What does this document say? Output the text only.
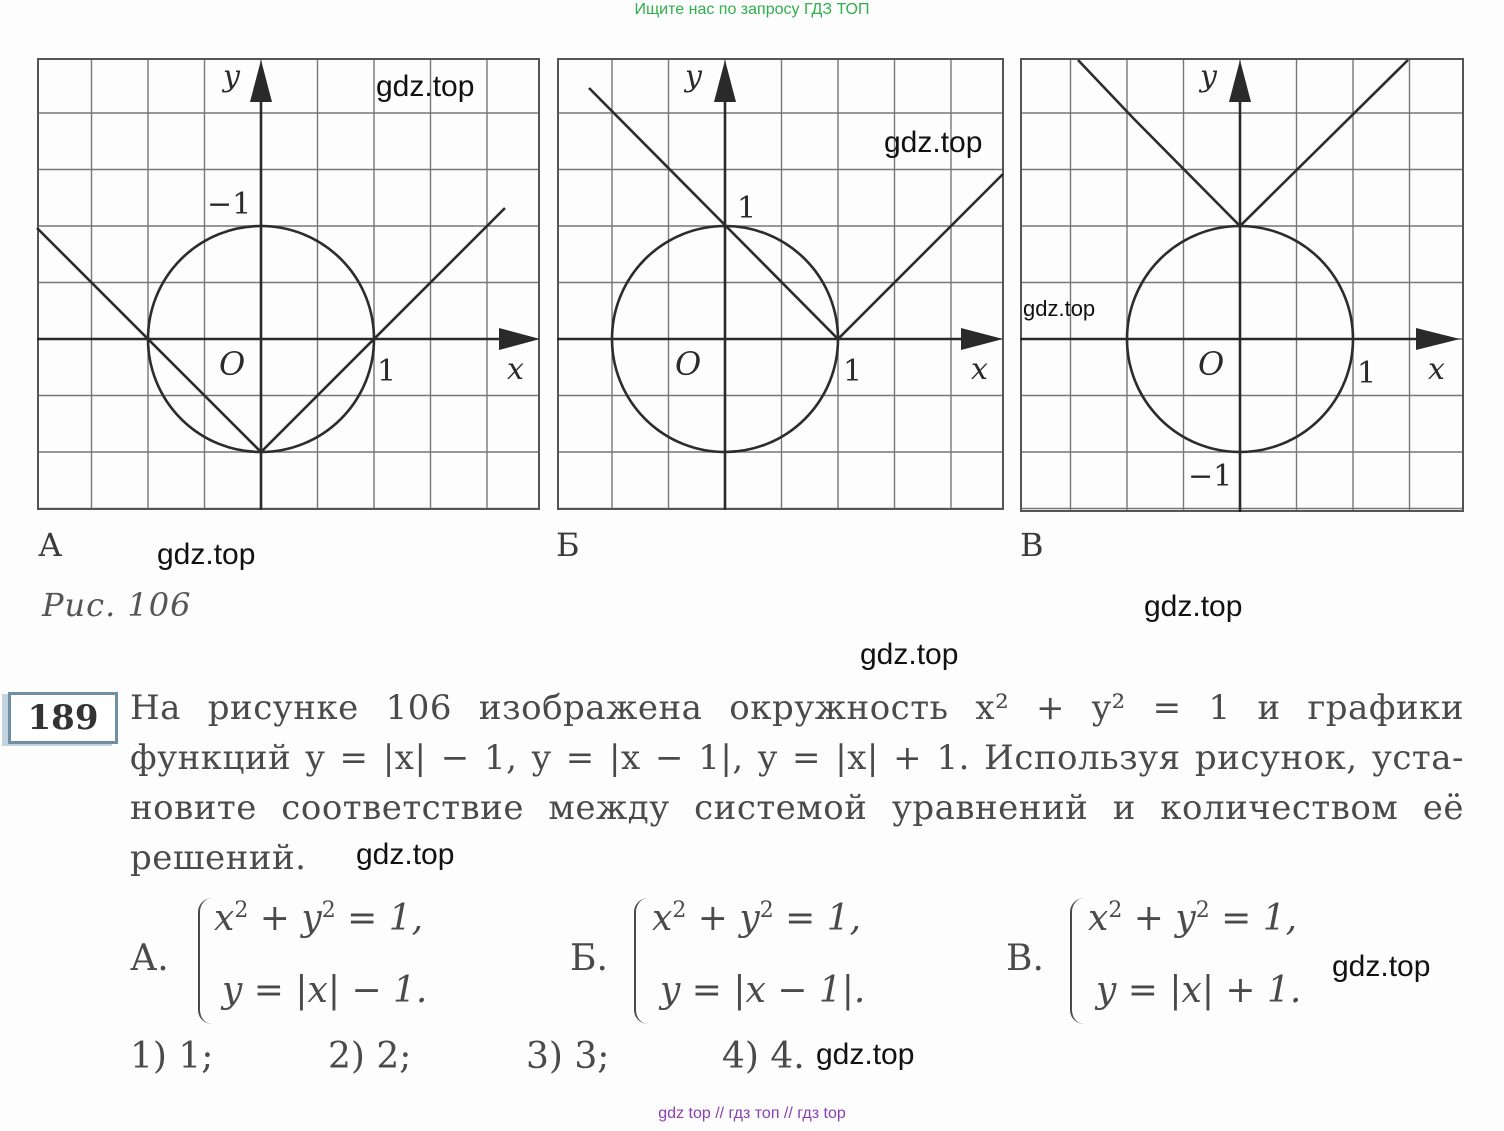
Ищите нас по запросу ГДЗ ТОП
gdz top // гдз топ // гдз top
y
x
O	1
−1
y
x
O	1
1
y
x
O	1
−1
А	Б	В
Рис. 106
189 На рисунке 106 изображена окружность x² + y² = 1 и графики
функций y = |x| − 1, y = |x − 1|, y = |x| + 1. Используя рисунок, уста-
новите соответствие между системой уравнений и количеством её
решений.
А.
$x^2 + y^2 = 1$,
y = |x| − 1.
Б.
$x^2 + y^2 = 1$,
y = |x − 1|.
В.
$x^2 + y^2 = 1$,
y = |x| + 1.
1) 1;	2) 2;	3) 3;	4) 4.
gdz.top
gdz.top
gdz.top
gdz.top
gdz.top
gdz.top
gdz.top
gdz.top
gdz.top
